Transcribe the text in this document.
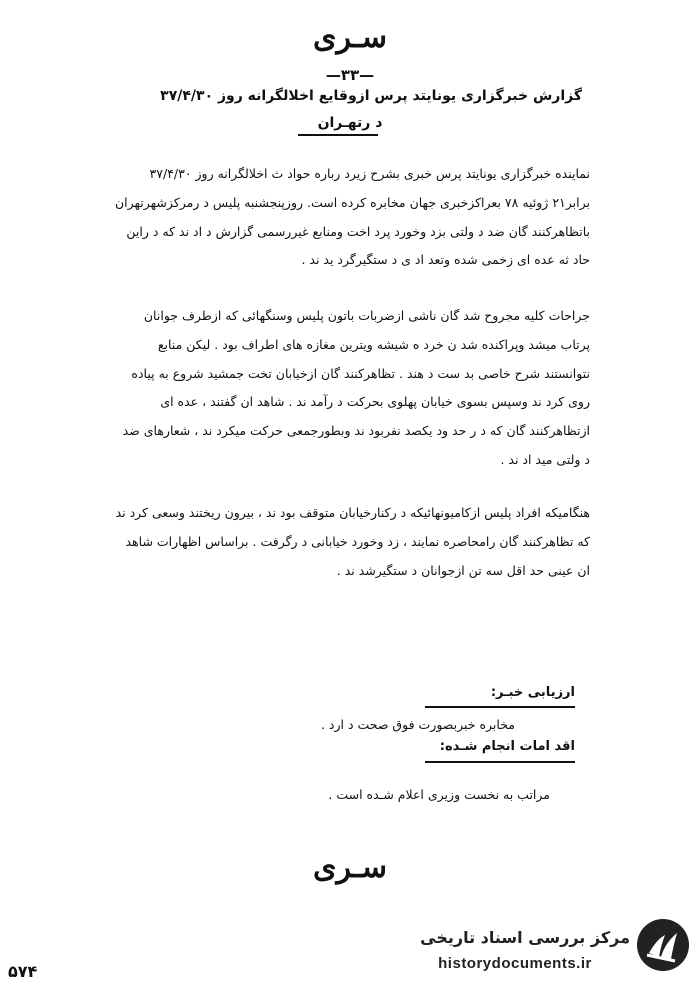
سـری
—۳۳—
گزارش خبرگزاری یونایتد پرس ازوقایع اخلالگرانه روز ۳۷/۴/۳۰
د رتهـران

نماینده خبرگزاری یونایتد پرس خبری بشرح زیرد رباره حواد ث اخلالگرانه روز ۳۷/۴/۳۰ برابر۲۱ ژوئیه ۷۸ بعراکزخبری جهان مخابره کرده است. روزپنجشنبه پلیس د رمرکزشهرتهران باتظاهرکنند گان ضد د ولتی بزد وخورد پرد اخت ومنابع غیررسمی گزارش د اد ند که د راین حاد ثه عده ای زخمی شده وتعد اد ی د ستگیرگرد ید ند .

جراحات کلیه مجروح شد گان ناشی ازضربات باتون پلیس وسنگهائی که ازطرف جوانان پرتاب میشد وپراکنده شد ن خرد ه شیشه ویترین مغازه های اطراف بود . لیکن منابع نتوانستند شرح خاصی بد ست د هند . تظاهرکنند گان ازخیابان تخت جمشید شروع به پیاده روی کرد ند وسپس بسوی خیابان پهلوی بحرکت د رآمد ند . شاهد ان گفتند ، عده ای ازتظاهرکنند گان که د ر حد ود یکصد نفربود ند وبطورجمعی حرکت میکرد ند ، شعارهای ضد د ولتی مید اد ند .

هنگامیکه افراد پلیس ازکامیونهائیکه د رکنارخیابان متوقف بود ند ، بیرون ریختند وسعی کرد ند که تظاهرکنند گان رامحاصره نمایند ، زد وخورد خیابانی د رگرفت . براساس اظهارات شاهد ان عینی حد اقل سه تن ازجوانان د ستگیرشد ند .

ارزیابی خبـر:
مخابره خبربصورت فوق صحت د ارد .
اقد امات انجام شـده:
مراتب به نخست وزیری اعلام شـده است .
سـری
مرکز بررسی اسناد تاریخی
historydocuments.ir
۵۷۴
